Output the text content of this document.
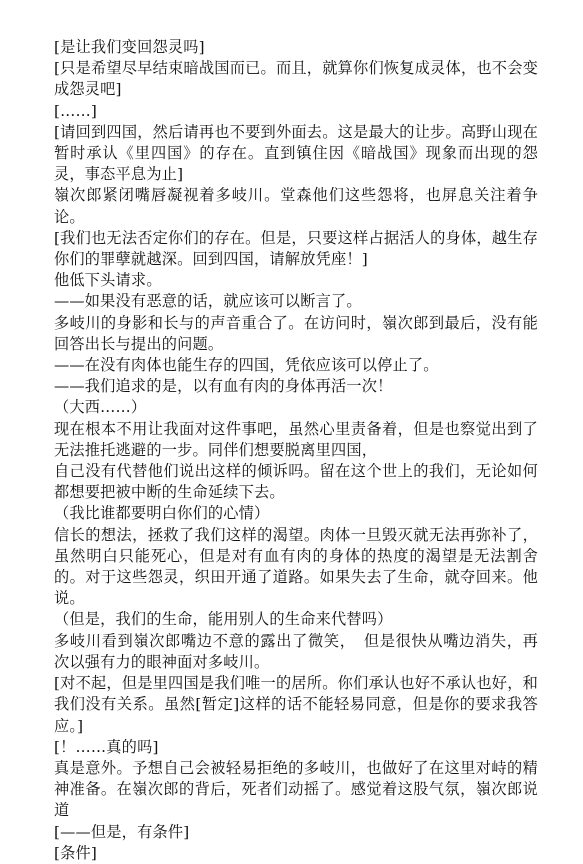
[是让我们变回怨灵吗]

[只是希望尽早结束暗战国而已。而且，就算你们恢复成灵体，也不会变成怨灵吧]

[……]

[请回到四国，然后请再也不要到外面去。这是最大的让步。高野山现在暂时承认《里四国》的存在。直到镇住因《暗战国》现象而出现的怨灵，事态平息为止]

嶺次郎紧闭嘴唇凝视着多岐川。堂森他们这些怨将，也屏息关注着争论。

[我们也无法否定你们的存在。但是，只要这样占据活人的身体，越生存你们的罪孽就越深。回到四国，请解放凭座！]

他低下头请求。

——如果没有恶意的话，就应该可以断言了。

多岐川的身影和长与的声音重合了。在访问时，嶺次郎到最后，没有能回答出长与提出的问题。

——在没有肉体也能生存的四国，凭依应该可以停止了。

——我们追求的是，以有血有肉的身体再活一次！

（大西……）

现在根本不用让我面对这件事吧，虽然心里责备着，但是也察觉出到了无法推托逃避的一步。同伴们想要脱离里四国，

自己没有代替他们说出这样的倾诉吗。留在这个世上的我们，无论如何都想要把被中断的生命延续下去。

（我比谁都要明白你们的心情）

信长的想法，拯救了我们这样的渴望。肉体一旦毁灭就无法再弥补了，虽然明白只能死心，但是对有血有肉的身体的热度的渴望是无法割舍的。对于这些怨灵，织田开通了道路。如果失去了生命，就夺回来。他说。

（但是，我们的生命，能用别人的生命来代替吗）

多岐川看到嶺次郎嘴边不意的露出了微笑，　但是很快从嘴边消失，再次以强有力的眼神面对多岐川。

[对不起，但是里四国是我们唯一的居所。你们承认也好不承认也好，和我们没有关系。虽然[暂定]这样的话不能轻易同意，但是你的要求我答应。]

[！……真的吗]

真是意外。予想自己会被轻易拒绝的多岐川，也做好了在这里对峙的精神准备。在嶺次郎的背后，死者们动摇了。感觉着这股气氛，嶺次郎说道

[——但是，有条件]

[条件]
